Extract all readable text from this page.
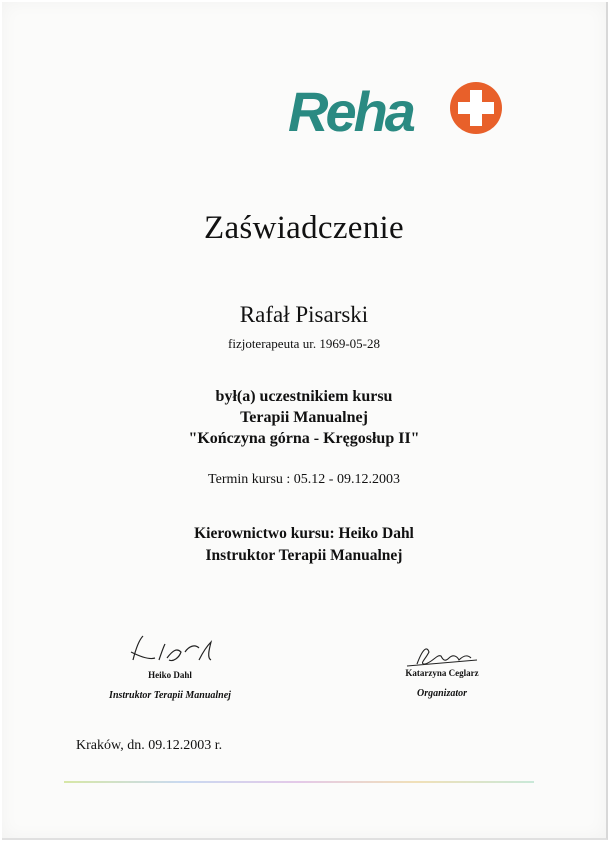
Reha
Zaświadczenie
Rafał Pisarski
fizjoterapeuta ur. 1969-05-28
był(a) uczestnikiem kursu
Terapii Manualnej
"Kończyna górna - Kręgosłup II"
Termin kursu : 05.12 - 09.12.2003
Kierownictwo kursu: Heiko Dahl
Instruktor Terapii Manualnej
Heiko Dahl
Instruktor Terapii Manualnej
Katarzyna Ceglarz
Organizator
Kraków, dn. 09.12.2003 r.
